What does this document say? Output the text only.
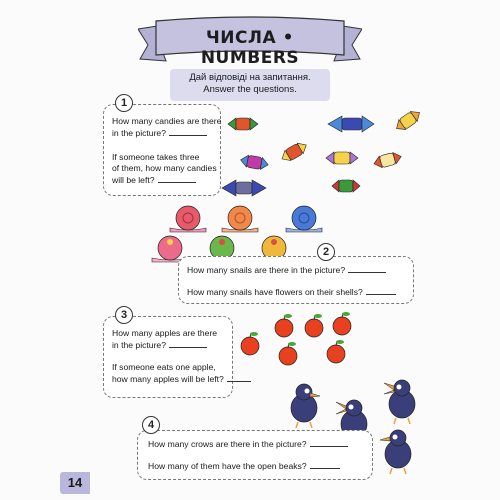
ЧИСЛА • NUMBERS
Дай відповіді на запитання.
Answer the questions.
1
How many candies are there
in the picture?
If someone takes three
of them, how many candies
will be left?
2
How many snails are there in the picture?
How many snails have flowers on their shells?
3
How many apples are there
in the picture?
If someone eats one apple,
how many apples will be left?
4
How many crows are there in the picture?
How many of them have the open beaks?
14
